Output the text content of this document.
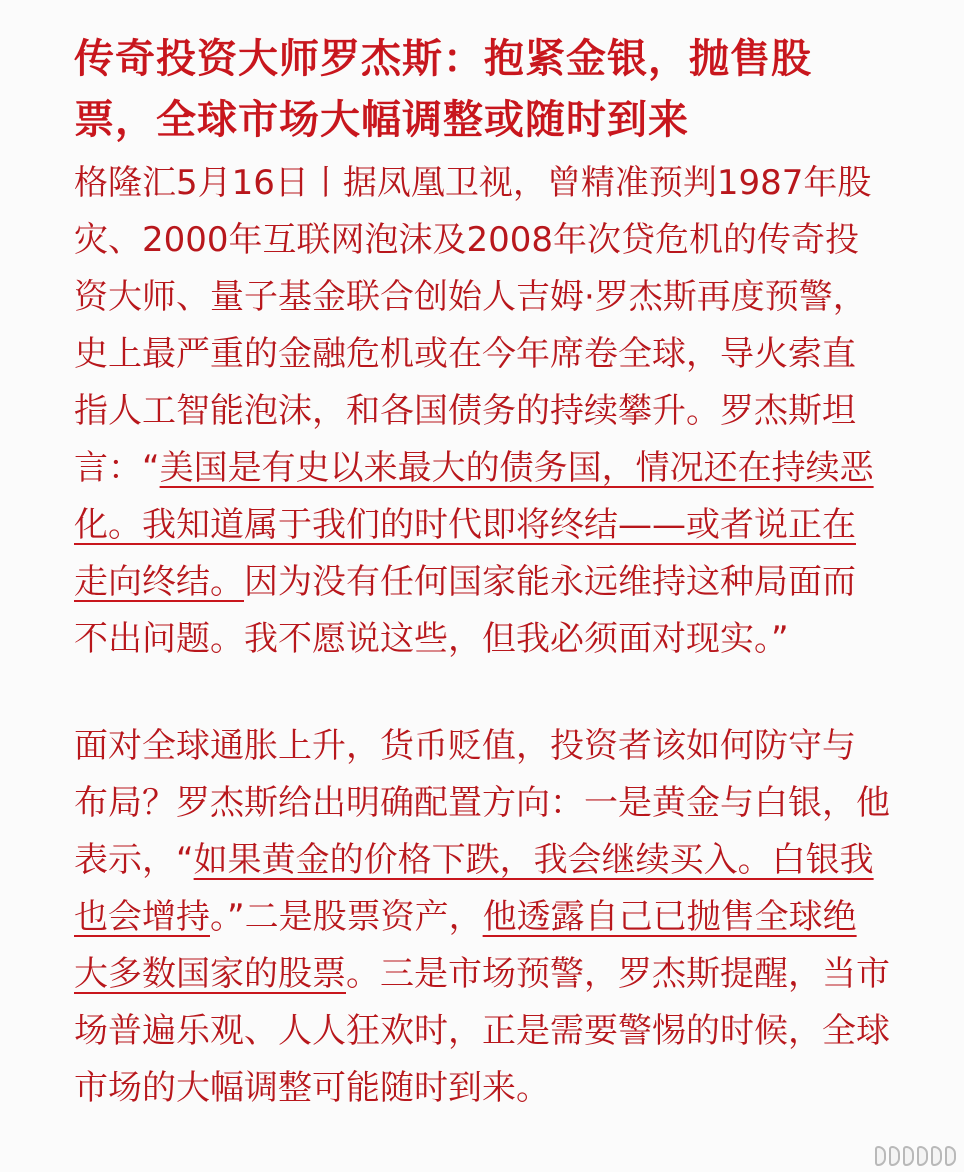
传奇投资大师罗杰斯：抱紧金银，抛售股
票，全球市场大幅调整或随时到来

格隆汇5月16日丨据凤凰卫视，曾精准预判1987年股
灾、2000年互联网泡沫及2008年次贷危机的传奇投
资大师、量子基金联合创始人吉姆·罗杰斯再度预警，
史上最严重的金融危机或在今年席卷全球，导火索直
指人工智能泡沫，和各国债务的持续攀升。罗杰斯坦
言：“美国是有史以来最大的债务国，情况还在持续恶
化。我知道属于我们的时代即将终结——或者说正在
走向终结。因为没有任何国家能永远维持这种局面而
不出问题。我不愿说这些，但我必须面对现实。”

面对全球通胀上升，货币贬值，投资者该如何防守与
布局？罗杰斯给出明确配置方向：一是黄金与白银，他
表示，“如果黄金的价格下跌，我会继续买入。白银我
也会增持。”二是股票资产，他透露自己已抛售全球绝
大多数国家的股票。三是市场预警，罗杰斯提醒，当市
场普遍乐观、人人狂欢时，正是需要警惕的时候，全球
市场的大幅调整可能随时到来。
